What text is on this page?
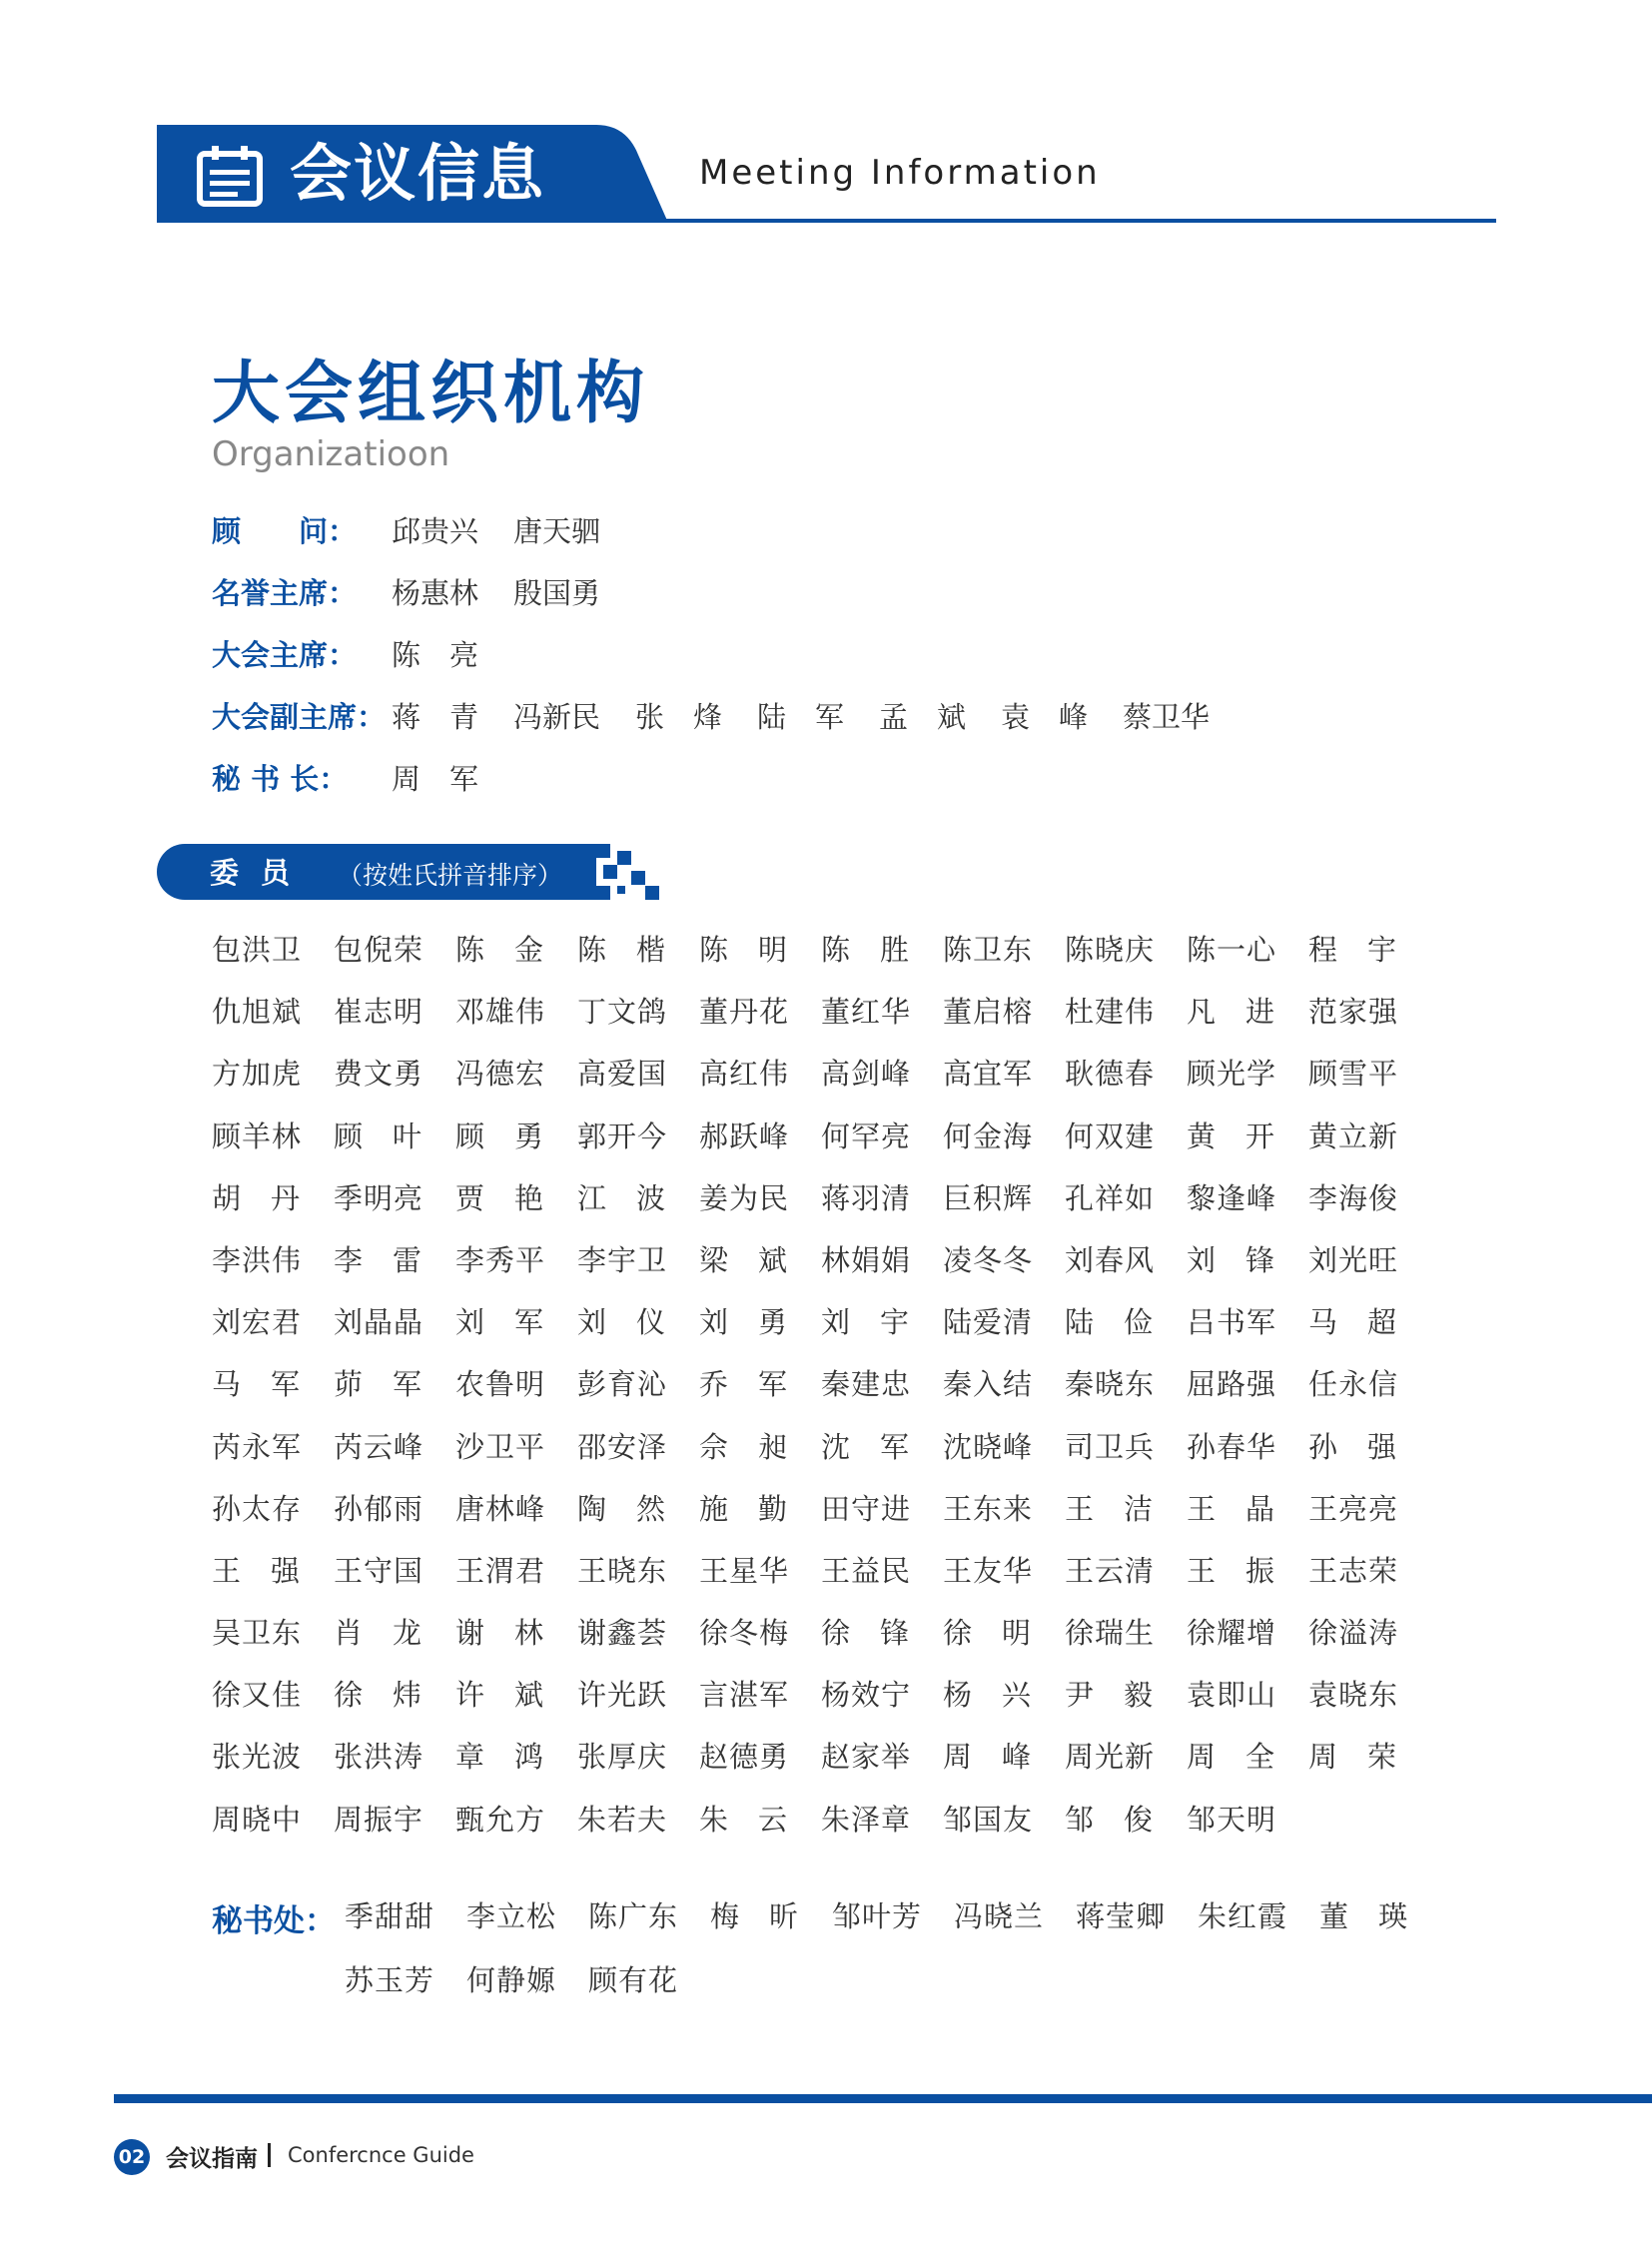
会议信息	Meeting Information
大会组织机构
Organizatioon
顾　　问： 邱贵兴 唐天驷
名誉主席： 杨惠林 殷国勇
大会主席： 陈　亮
大会副主席： 蒋　青 冯新民 张　烽 陆　军 孟　斌 袁　峰 蔡卫华
秘 书 长： 周　军
委员 （按姓氏拼音排序）
包洪卫	包倪荣	陈金 陈楷 陈明 陈胜 陈卫东	陈晓庆	陈一心	程宇
仇旭斌	崔志明	邓雄伟	丁文鸽	董丹花	董红华	董启榕	杜建伟	凡进 范家强
方加虎	费文勇	冯德宏	高爱国	高红伟	高剑峰	高宜军	耿德春	顾光学	顾雪平
顾羊林	顾叶 顾勇 郭开今	郝跃峰	何罕亮	何金海	何双建	黄开 黄立新
胡丹 季明亮	贾艳 江波 姜为民	蒋羽清	巨积辉	孔祥如	黎逢峰	李海俊
李洪伟	李雷 李秀平	李宇卫	梁斌 林娟娟	凌冬冬	刘春风	刘锋 刘光旺
刘宏君	刘晶晶	刘军 刘仪 刘勇 刘宇 陆爱清	陆俭 吕书军	马超
马军 茆军 农鲁明	彭育沁	乔军 秦建忠	秦入结	秦晓东	屈路强	任永信
芮永军	芮云峰	沙卫平	邵安泽	佘昶 沈军 沈晓峰	司卫兵	孙春华	孙强
孙太存	孙郁雨	唐林峰	陶然 施勤 田守进	王东来	王洁 王晶 王亮亮
王强 王守国	王渭君	王晓东	王星华	王益民	王友华	王云清	王振 王志荣
吴卫东	肖龙 谢林 谢鑫荟	徐冬梅	徐锋 徐明 徐瑞生	徐耀增	徐溢涛
徐又佳	徐炜 许斌 许光跃	言湛军	杨效宁	杨兴 尹毅 袁即山	袁晓东
张光波	张洪涛	章鸿 张厚庆	赵德勇	赵家举	周峰 周光新	周全 周荣
周晓中	周振宇	甄允方	朱若夫	朱云 朱泽章	邹国友	邹俊 邹天明
秘书处： 季甜甜	李立松	陈广东	梅昕 邹叶芳	冯晓兰	蒋莹卿	朱红霞	董瑛
苏玉芳	何静嫄	顾有花
02 会议指南 Confercnce Guide
